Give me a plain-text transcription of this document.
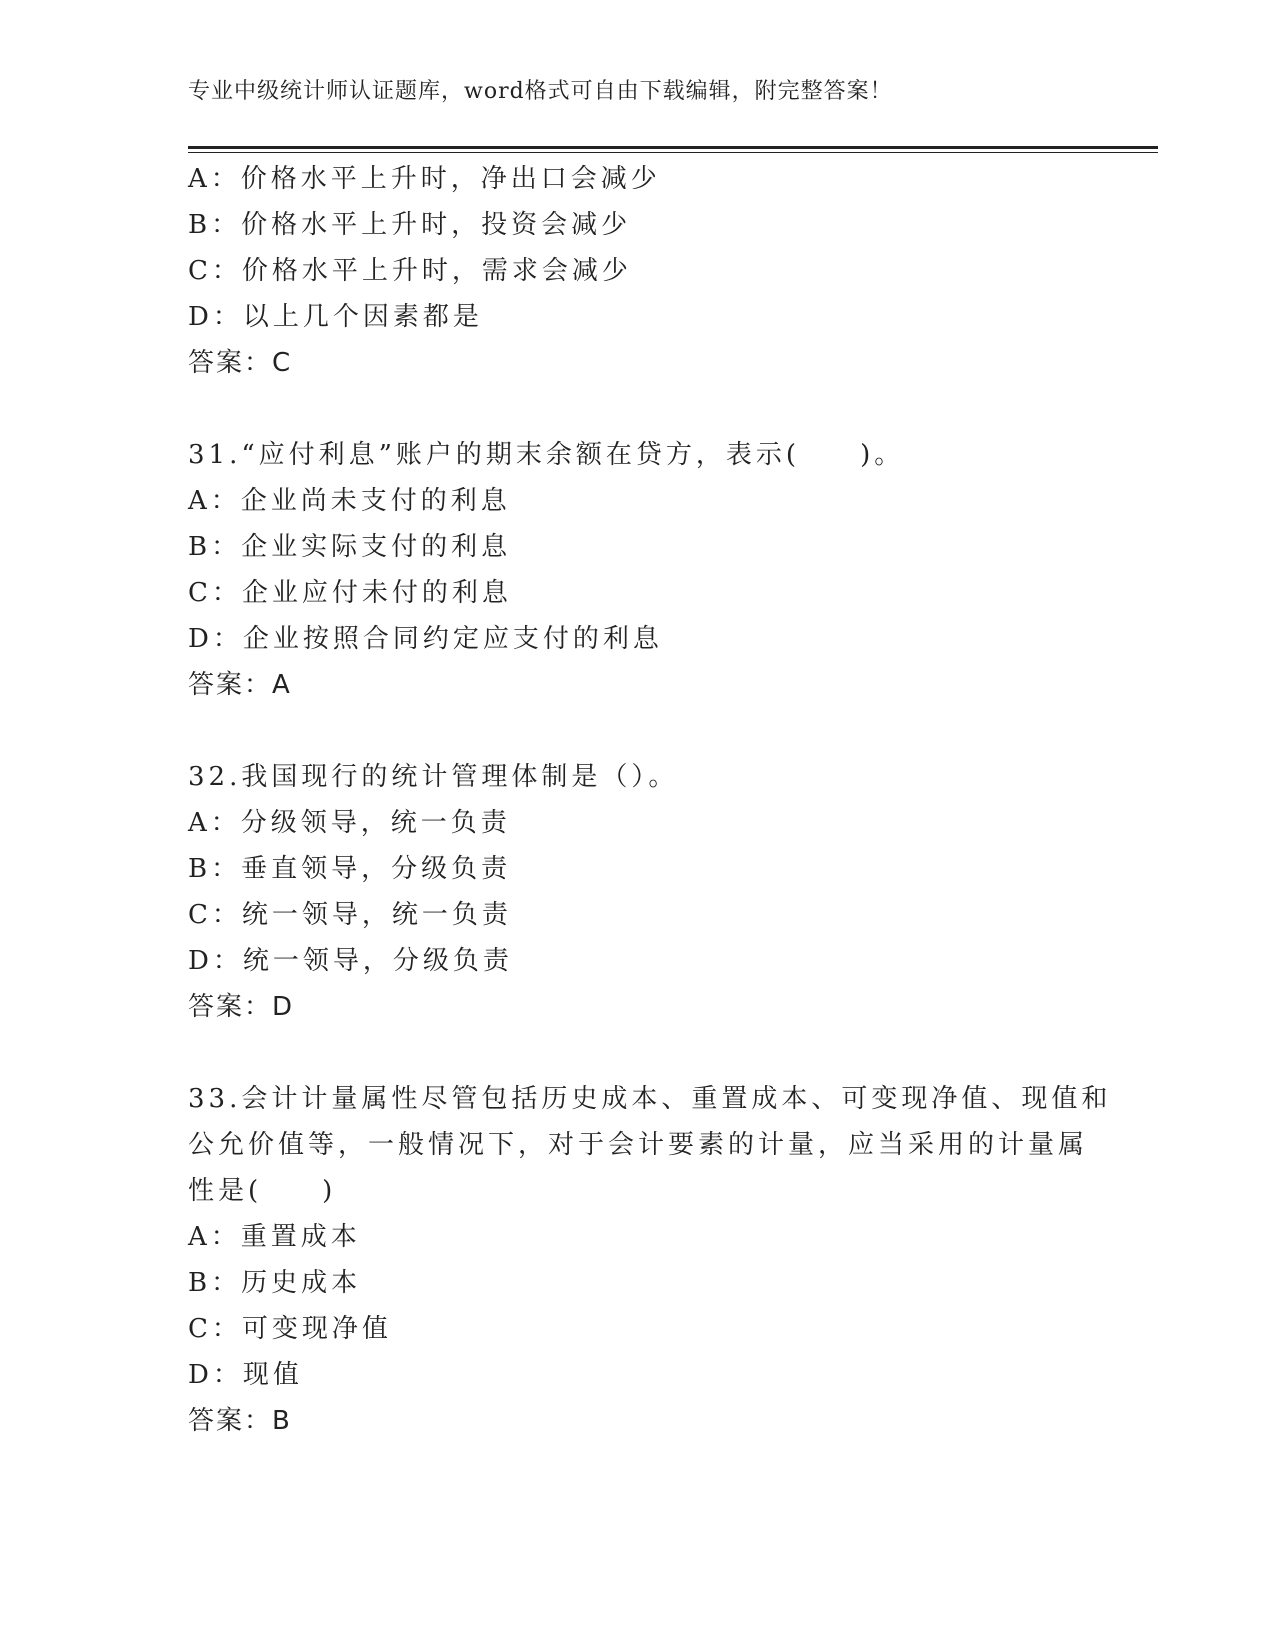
专业中级统计师认证题库，word格式可自由下载编辑，附完整答案！
A：价格水平上升时，净出口会减少
B：价格水平上升时，投资会减少
C：价格水平上升时，需求会减少
D：以上几个因素都是
答案：C
31.“应付利息”账户的期末余额在贷方，表示(　　)。
A：企业尚未支付的利息
B：企业实际支付的利息
C：企业应付未付的利息
D：企业按照合同约定应支付的利息
答案：A
32.我国现行的统计管理体制是（）。
A：分级领导，统一负责
B：垂直领导，分级负责
C：统一领导，统一负责
D：统一领导，分级负责
答案：D
33.会计计量属性尽管包括历史成本、重置成本、可变现净值、现值和
公允价值等，一般情况下，对于会计要素的计量，应当采用的计量属
性是(　　)
A：重置成本
B：历史成本
C：可变现净值
D：现值
答案：B
